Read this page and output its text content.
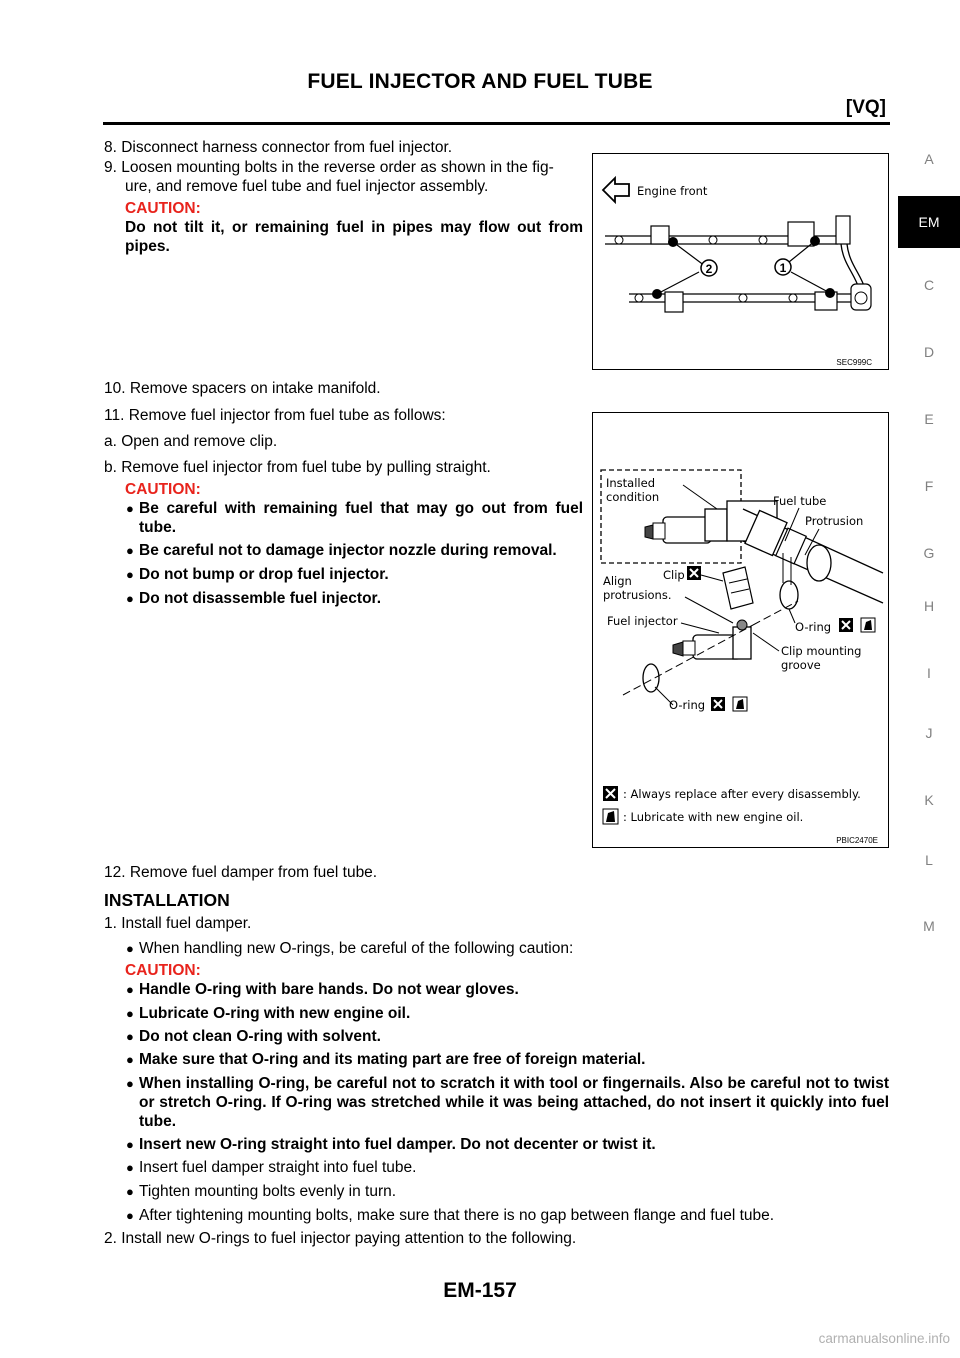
FUEL INJECTOR AND FUEL TUBE
[VQ]
A
EM
C
D
E
F
G
H
I
J
K
L
M
8. Disconnect harness connector from fuel injector.
9. Loosen mounting bolts in the reverse order as shown in the fig-
ure, and remove fuel tube and fuel injector assembly.
CAUTION:
Do not tilt it, or remaining fuel in pipes may flow out from pipes.
10. Remove spacers on intake manifold.
11. Remove fuel injector from fuel tube as follows:
a. Open and remove clip.
b. Remove fuel injector from fuel tube by pulling straight.
CAUTION:
● Be careful with remaining fuel that may go out from fuel tube.
● Be careful not to damage injector nozzle during removal.
● Do not bump or drop fuel injector.
● Do not disassemble fuel injector.
12. Remove fuel damper from fuel tube.
Engine front
2	1
SEC999C
Installed
condition	Fuel tube
Protrusion
Clip
Align
protrusions.
Fuel injector
O-ring
O-ring
Clip mounting
groove
: Always replace after every disassembly.
: Lubricate with new engine oil.
PBIC2470E
INSTALLATION
1. Install fuel damper.
● When handling new O-rings, be careful of the following caution:
CAUTION:
● Handle O-ring with bare hands. Do not wear gloves.
● Lubricate O-ring with new engine oil.
● Do not clean O-ring with solvent.
● Make sure that O-ring and its mating part are free of foreign material.
● When installing O-ring, be careful not to scratch it with tool or fingernails. Also be careful not to twist or stretch O-ring. If O-ring was stretched while it was being attached, do not insert it quickly into fuel tube.
● Insert new O-ring straight into fuel damper. Do not decenter or twist it.
● Insert fuel damper straight into fuel tube.
● Tighten mounting bolts evenly in turn.
● After tightening mounting bolts, make sure that there is no gap between flange and fuel tube.
2. Install new O-rings to fuel injector paying attention to the following.
EM-157
carmanualsonline.info
